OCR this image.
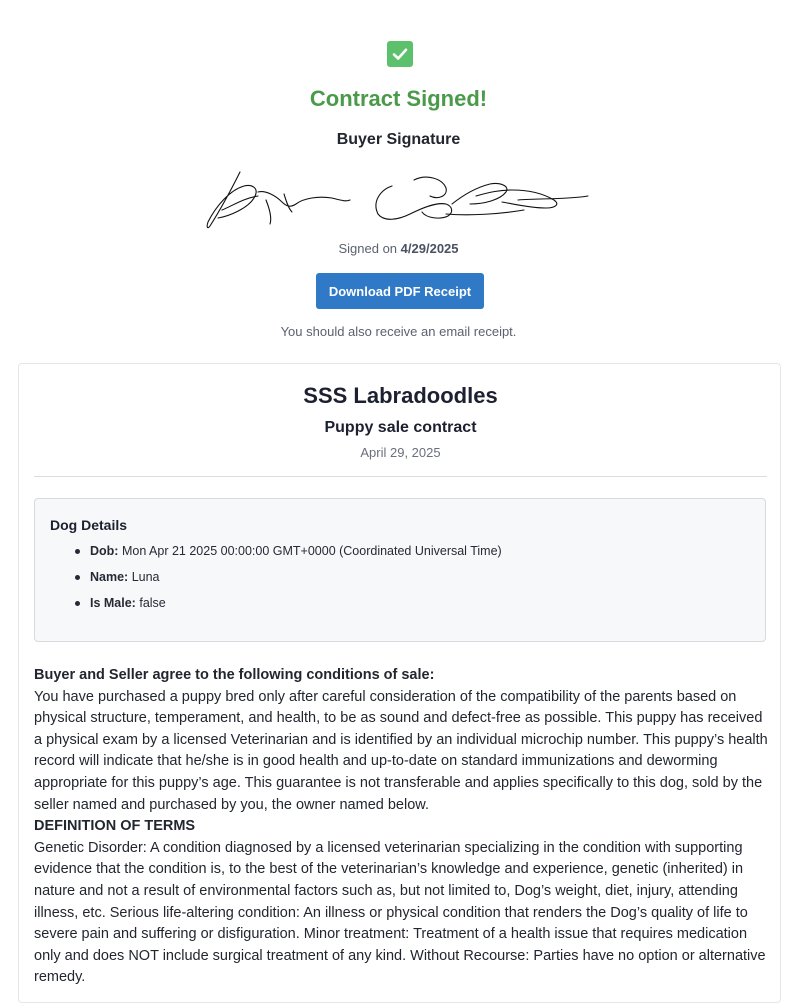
Contract Signed!
Buyer Signature
Signed on 4/29/2025
Download PDF Receipt
You should also receive an email receipt.
SSS Labradoodles
Puppy sale contract
April 29, 2025
Dog Details
Dob: Mon Apr 21 2025 00:00:00 GMT+0000 (Coordinated Universal Time)
Name: Luna
Is Male: false

Buyer and Seller agree to the following conditions of sale:

You have purchased a puppy bred only after careful consideration of the compatibility of the parents based on physical structure, temperament, and health, to be as sound and defect-free as possible. This puppy has received a physical exam by a licensed Veterinarian and is identified by an individual microchip number. This puppy’s health record will indicate that he/she is in good health and up-to-date on standard immunizations and deworming appropriate for this puppy’s age. This guarantee is not transferable and applies specifically to this dog, sold by the seller named and purchased by you, the owner named below.

DEFINITION OF TERMS

Genetic Disorder: A condition diagnosed by a licensed veterinarian specializing in the condition with supporting evidence that the condition is, to the best of the veterinarian’s knowledge and experience, genetic (inherited) in nature and not a result of environmental factors such as, but not limited to, Dog’s weight, diet, injury, attending illness, etc. Serious life-altering condition: An illness or physical condition that renders the Dog’s quality of life to severe pain and suffering or disfiguration. Minor treatment: Treatment of a health issue that requires medication only and does NOT include surgical treatment of any kind. Without Recourse: Parties have no option or alternative remedy.
